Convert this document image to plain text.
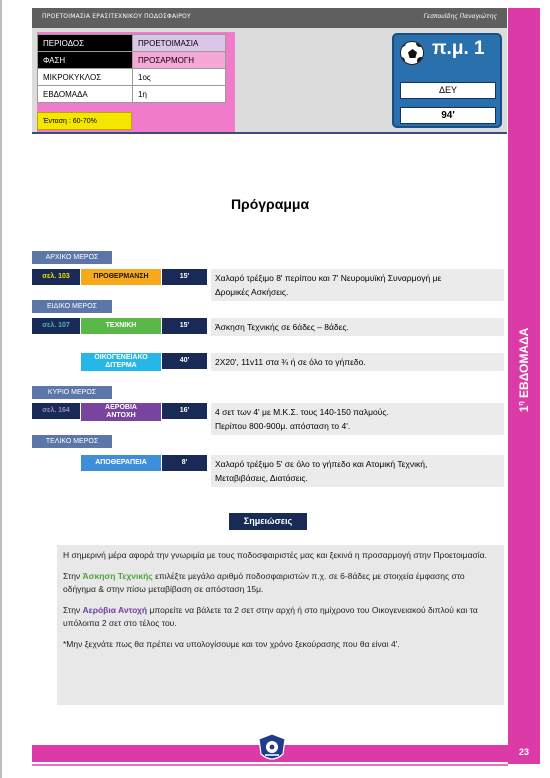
ΠΡΟΕΤΟΙΜΑΣΙΑ ΕΡΑΣΙΤΕΧΝΙΚΟΥ ΠΟΔΟΣΦΑΙΡΟΥ	Γεσπουϊδης Παναγιώτης
$1^\eta$ ΕΒΔΟΜΑΔΑ
ΠΕΡΙΟΔΟΣ	ΠΡΟΕΤΟΙΜΑΣΙΑ
ΦΑΣΗ	ΠΡΟΣΑΡΜΟΓΗ
ΜΙΚΡΟΚΥΚΛΟΣ	1ος
ΕΒΔΟΜΑΔΑ	1η
Ένταση : 60-70%
π.μ. 1
ΔΕΥ
94'
Πρόγραμμα
ΑΡΧΙΚΟ ΜΕΡΟΣ
σελ. 103	ΠΡΟΘΕΡΜΑΝΣΗ	15'	Χαλαρό τρέξιμο 8' περίπου και 7' Νευρομυϊκή Συναρμογή με
Δρομικές Ασκήσεις.
ΕΙΔΙΚΟ ΜΕΡΟΣ
σελ. 107	ΤΕΧΝΙΚΗ	15'	Άσκηση Τεχνικής σε 6άδες – 8άδες.
ΟΙΚΟΓΕΝΕΙΑΚΟ
ΔΙΤΕΡΜΑ
40'	2Χ20', 11v11 στα ¾ ή σε όλο το γήπεδο.
ΚΥΡΙΟ ΜΕΡΟΣ
σελ. 164	ΑΕΡΟΒΙΑ
ΑΝΤΟΧΗ
16'	4 σετ των 4' με Μ.Κ.Σ. τους 140-150 παλμούς.
Περίπου 800-900μ. απόσταση το 4'.
ΤΕΛΙΚΟ ΜΕΡΟΣ
ΑΠΟΘΕΡΑΠΕΙΑ	8'	Χαλαρό τρέξιμο 5' σε όλο το γήπεδο και Ατομική Τεχνική,
Μεταβιβάσεις, Διατάσεις.
Σημειώσεις

Η σημερινή μέρα αφορά την γνωριμία με τους ποδοσφαιριστές μας και ξεκινά η προσαρμογή στην Προετοιμασία.

Στην Άσκηση Τεχνικής επιλέξτε μεγάλο αριθμό ποδοσφαιριστών π.χ. σε 6-8άδες με στοιχεία έμφασης στο οδήγημα & στην πίσω μεταβίβαση σε απόσταση 15μ.

Στην Αερόβια Αντοχή μπορείτε να βάλετε τα 2 σετ στην αρχή ή στο ημίχρονο του Οικογενειακού διπλού και τα υπόλοιπα 2 σετ στο τέλος του.

*Μην ξεχνάτε πως θα πρέπει να υπολογίσουμε και τον χρόνο ξεκούρασης που θα είναι 4'.

23
